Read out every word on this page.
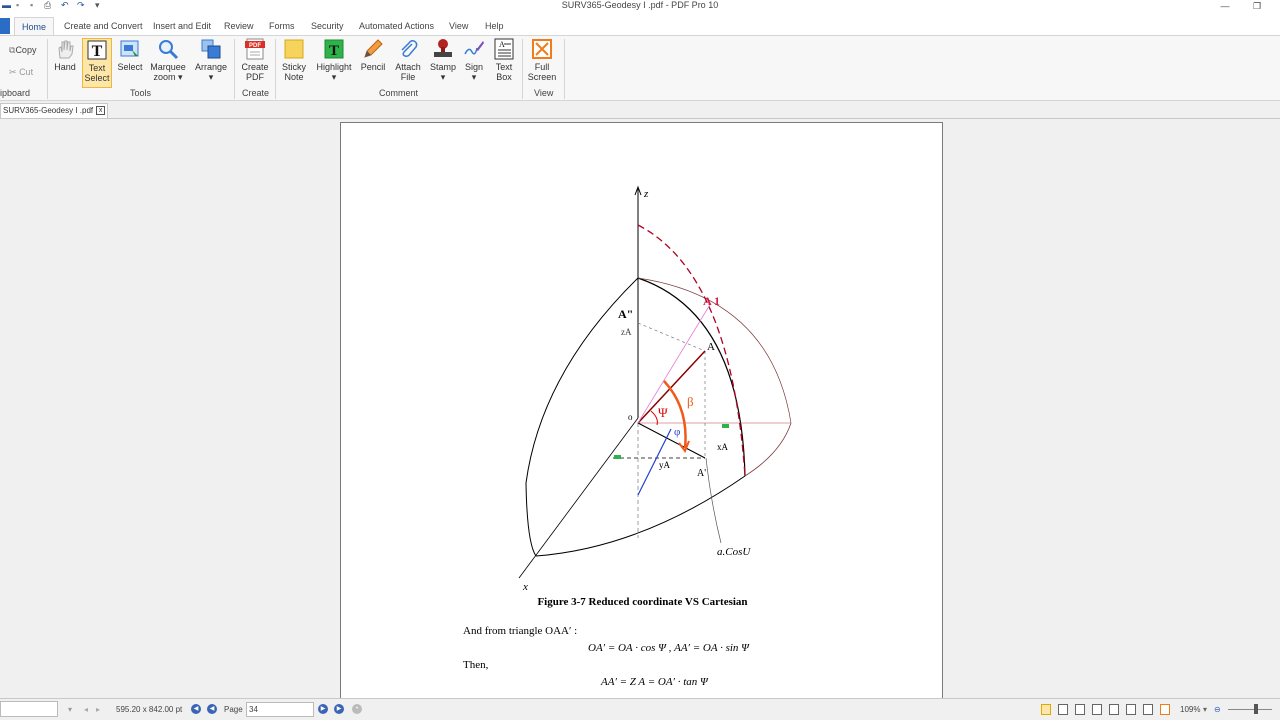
▬ ▪ ▪ ⎙ ↶ ↷ ▾	SURV365-Geodesy I .pdf - PDF Pro 10	—	❐
Home	Create and Convert Insert and Edit Review Forms Security Automated Actions View Help
⧉Copy
✂ Cut
ipboard
Hand
T
Text
Select
Select Marquee
zoom ▾
Arrange
▾
Tools
PDF
Create
PDF
Create
Sticky
Note
T
Highlight
▾
Pencil Attach
File
Stamp
▾
Sign
▾
A
Text
Box
Comment
Full
Screen
View
SURV365-Geodesy I .pdf x
z
x
A 1
A
A"
zA
xA
yA
A'
o Ψ
φ
β
a.CosU
Figure 3-7 Reduced coordinate VS Cartesian
And from triangle OAA′ :
OA′ = OA · cos Ψ , AA′ = OA · sin Ψ
Then,
AA′ = Z A = OA′ · tan Ψ
▾ ◂ ▸ 595.20 x 842.00 pt	◀	◀	Page 34	▶	▶	•	109% ▾ ⊖
